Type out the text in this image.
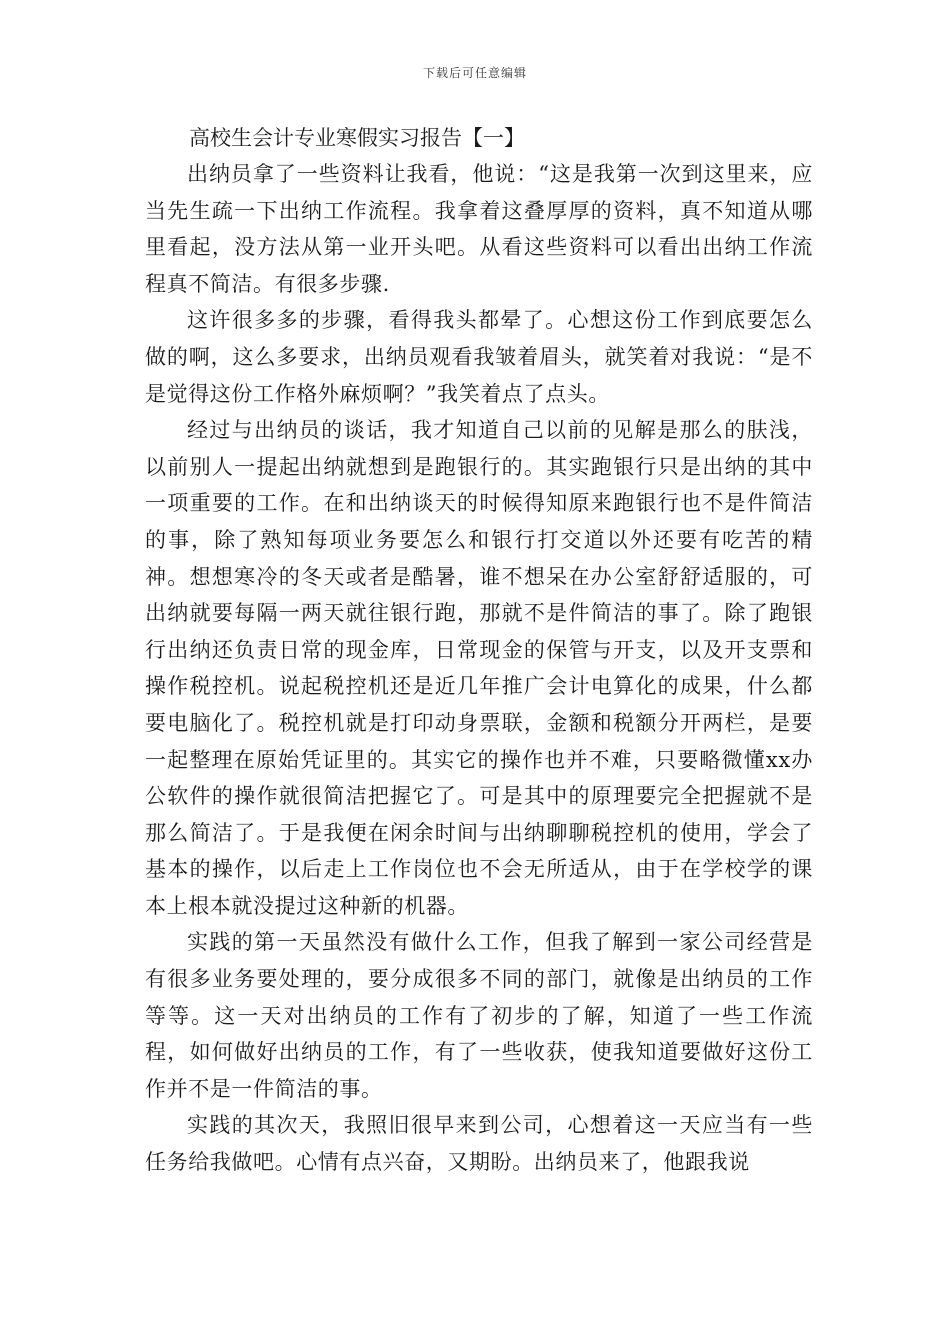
下载后可任意编辑
高校生会计专业寒假实习报告【一】

出纳员拿了一些资料让我看，他说：“这是我第一次到这里来，应当先生疏一下出纳工作流程。我拿着这叠厚厚的资料，真不知道从哪里看起，没方法从第一业开头吧。从看这些资料可以看出出纳工作流程真不简洁。有很多步骤.

这许很多多的步骤，看得我头都晕了。心想这份工作到底要怎么做的啊，这么多要求，出纳员观看我皱着眉头，就笑着对我说：“是不是觉得这份工作格外麻烦啊？”我笑着点了点头。

经过与出纳员的谈话，我才知道自己以前的见解是那么的肤浅，以前别人一提起出纳就想到是跑银行的。其实跑银行只是出纳的其中一项重要的工作。在和出纳谈天的时候得知原来跑银行也不是件简洁的事，除了熟知每项业务要怎么和银行打交道以外还要有吃苦的精神。想想寒冷的冬天或者是酷暑，谁不想呆在办公室舒舒适服的，可出纳就要每隔一两天就往银行跑，那就不是件简洁的事了。除了跑银行出纳还负责日常的现金库，日常现金的保管与开支，以及开支票和操作税控机。说起税控机还是近几年推广会计电算化的成果，什么都要电脑化了。税控机就是打印动身票联，金额和税额分开两栏，是要一起整理在原始凭证里的。其实它的操作也并不难，只要略微懂xx办公软件的操作就很简洁把握它了。可是其中的原理要完全把握就不是那么简洁了。于是我便在闲余时间与出纳聊聊税控机的使用，学会了基本的操作，以后走上工作岗位也不会无所适从，由于在学校学的课本上根本就没提过这种新的机器。

实践的第一天虽然没有做什么工作，但我了解到一家公司经营是有很多业务要处理的，要分成很多不同的部门，就像是出纳员的工作等等。这一天对出纳员的工作有了初步的了解，知道了一些工作流程，如何做好出纳员的工作，有了一些收获，使我知道要做好这份工作并不是一件简洁的事。

实践的其次天，我照旧很早来到公司，心想着这一天应当有一些任务给我做吧。心情有点兴奋，又期盼。出纳员来了，他跟我说
